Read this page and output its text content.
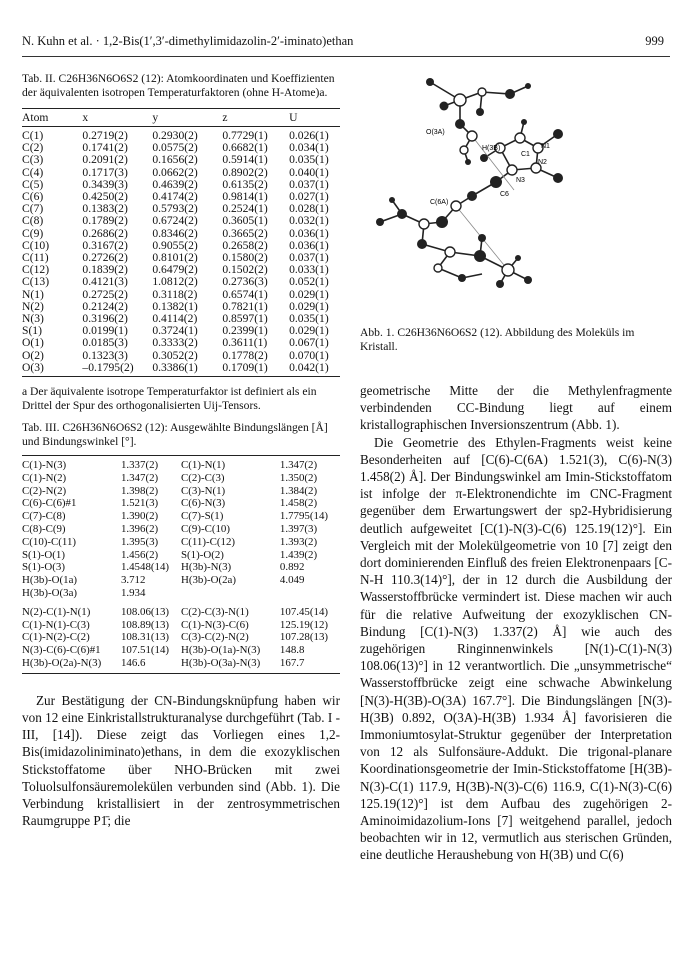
N. Kuhn et al. · 1,2-Bis(1′,3′-dimethylimidazolin-2′-iminato)ethan	999
Tab. II. C26H36N6O6S2 (12): Atomkoordinaten und Koeffizienten der äquivalenten isotropen Temperaturfaktoren (ohne H-Atome)a.
Atom	x	y	z	U
C(1)	0.2719(2)	0.2930(2)	0.7729(1)	0.026(1)
C(2)	0.1741(2)	0.0575(2)	0.6682(1)	0.034(1)
C(3)	0.2091(2)	0.1656(2)	0.5914(1)	0.035(1)
C(4)	0.1717(3)	0.0662(2)	0.8902(2)	0.040(1)
C(5)	0.3439(3)	0.4639(2)	0.6135(2)	0.037(1)
C(6)	0.4250(2)	0.4174(2)	0.9814(1)	0.027(1)
C(7)	0.1383(2)	0.5793(2)	0.2524(1)	0.028(1)
C(8)	0.1789(2)	0.6724(2)	0.3605(1)	0.032(1)
C(9)	0.2686(2)	0.8346(2)	0.3665(2)	0.036(1)
C(10)	0.3167(2)	0.9055(2)	0.2658(2)	0.036(1)
C(11)	0.2726(2)	0.8101(2)	0.1580(2)	0.037(1)
C(12)	0.1839(2)	0.6479(2)	0.1502(2)	0.033(1)
C(13)	0.4121(3)	1.0812(2)	0.2736(3)	0.052(1)
N(1)	0.2725(2)	0.3118(2)	0.6574(1)	0.029(1)
N(2)	0.2124(2)	0.1382(1)	0.7821(1)	0.029(1)
N(3)	0.3196(2)	0.4114(2)	0.8597(1)	0.035(1)
S(1)	0.0199(1)	0.3724(1)	0.2399(1)	0.029(1)
O(1)	0.0185(3)	0.3333(2)	0.3611(1)	0.067(1)
O(2)	0.1323(3)	0.3052(2)	0.1778(2)	0.070(1)
O(3)	–0.1795(2)	0.3386(1)	0.1709(1)	0.042(1)
a Der äquivalente isotrope Temperaturfaktor ist definiert als ein Drittel der Spur des orthogonalisierten Uij-Tensors.
Tab. III. C26H36N6O6S2 (12): Ausgewählte Bindungslängen [Å] und Bindungswinkel [°].
C(1)-N(3)	1.337(2)	C(1)-N(1)	1.347(2)
C(1)-N(2)	1.347(2)	C(2)-C(3)	1.350(2)
C(2)-N(2)	1.398(2)	C(3)-N(1)	1.384(2)
C(6)-C(6)#1	1.521(3)	C(6)-N(3)	1.458(2)
C(7)-C(8)	1.390(2)	C(7)-S(1)	1.7795(14)
C(8)-C(9)	1.396(2)	C(9)-C(10)	1.397(3)
C(10)-C(11)	1.395(3)	C(11)-C(12)	1.393(2)
S(1)-O(1)	1.456(2)	S(1)-O(2)	1.439(2)
S(1)-O(3)	1.4548(14)	H(3b)-N(3)	0.892
H(3b)-O(1a)	3.712	H(3b)-O(2a)	4.049
H(3b)-O(3a)	1.934		
N(2)-C(1)-N(1)	108.06(13)	C(2)-C(3)-N(1)	107.45(14)
C(1)-N(1)-C(3)	108.89(13)	C(1)-N(3)-C(6)	125.19(12)
C(1)-N(2)-C(2)	108.31(13)	C(3)-C(2)-N(2)	107.28(13)
N(3)-C(6)-C(6)#1	107.51(14)	H(3b)-O(1a)-N(3)	148.8
H(3b)-O(2a)-N(3)	146.6	H(3b)-O(3a)-N(3)	167.7

Zur Bestätigung der CN-Bindungsknüpfung haben wir von 12 eine Einkristallstrukturanalyse durchgeführt (Tab. I - III, [14]). Diese zeigt das Vorliegen eines 1,2-Bis(imidazoliniminato)ethans, in dem die exozyklischen Stickstoffatome über NHO-Brücken mit zwei Toluolsulfonsäuremolekülen verbunden sind (Abb. 1). Die Verbindung kristallisiert in der zentrosymmetrischen Raumgruppe P1̄; die

O(3A)
H(3B)	N1
N2
N3
C1
C6
C(6A)
Abb. 1. C26H36N6O6S2 (12). Abbildung des Moleküls im Kristall.

geometrische Mitte der die Methylenfragmente verbindenden CC-Bindung liegt auf einem kristallographischen Inversionszentrum (Abb. 1).

Die Geometrie des Ethylen-Fragments weist keine Besonderheiten auf [C(6)-C(6A) 1.521(3), C(6)-N(3) 1.458(2) Å]. Der Bindungswinkel am Imin-Stickstoffatom ist infolge der π-Elektronendichte im CNC-Fragment gegenüber dem Erwartungswert der sp2-Hybridisierung deutlich aufgeweitet [C(1)-N(3)-C(6) 125.19(12)°]. Ein Vergleich mit der Molekülgeometrie von 10 [7] zeigt den dort dominierenden Einfluß des freien Elektronenpaars [C-N-H 110.3(14)°], der in 12 durch die Ausbildung der Wasserstoffbrücke vermindert ist. Diese machen wir auch für die relative Aufweitung der exozyklischen CN-Bindung [C(1)-N(3) 1.337(2) Å] wie auch des zugehörigen Ringinnenwinkels [N(1)-C(1)-N(3) 108.06(13)°] in 12 verantwortlich. Die „unsymmetrische“ Wasserstoffbrücke zeigt eine schwache Abwinkelung [N(3)-H(3B)-O(3A) 167.7°]. Die Bindungslängen [N(3)-H(3B) 0.892, O(3A)-H(3B) 1.934 Å] favorisieren die Immoniumtosylat-Struktur gegenüber der Interpretation von 12 als Sulfonsäure-Addukt. Die trigonal-planare Koordinationsgeometrie der Imin-Stickstoffatome [H(3B)-N(3)-C(1) 117.9, H(3B)-N(3)-C(6) 116.9, C(1)-N(3)-C(6) 125.19(12)°] ist dem Aufbau des zugehörigen 2-Aminoimidazolium-Ions [7] weitgehend parallel, jedoch beobachten wir in 12, vermutlich aus sterischen Gründen, eine deutliche Heraushebung von H(3B) und C(6)
